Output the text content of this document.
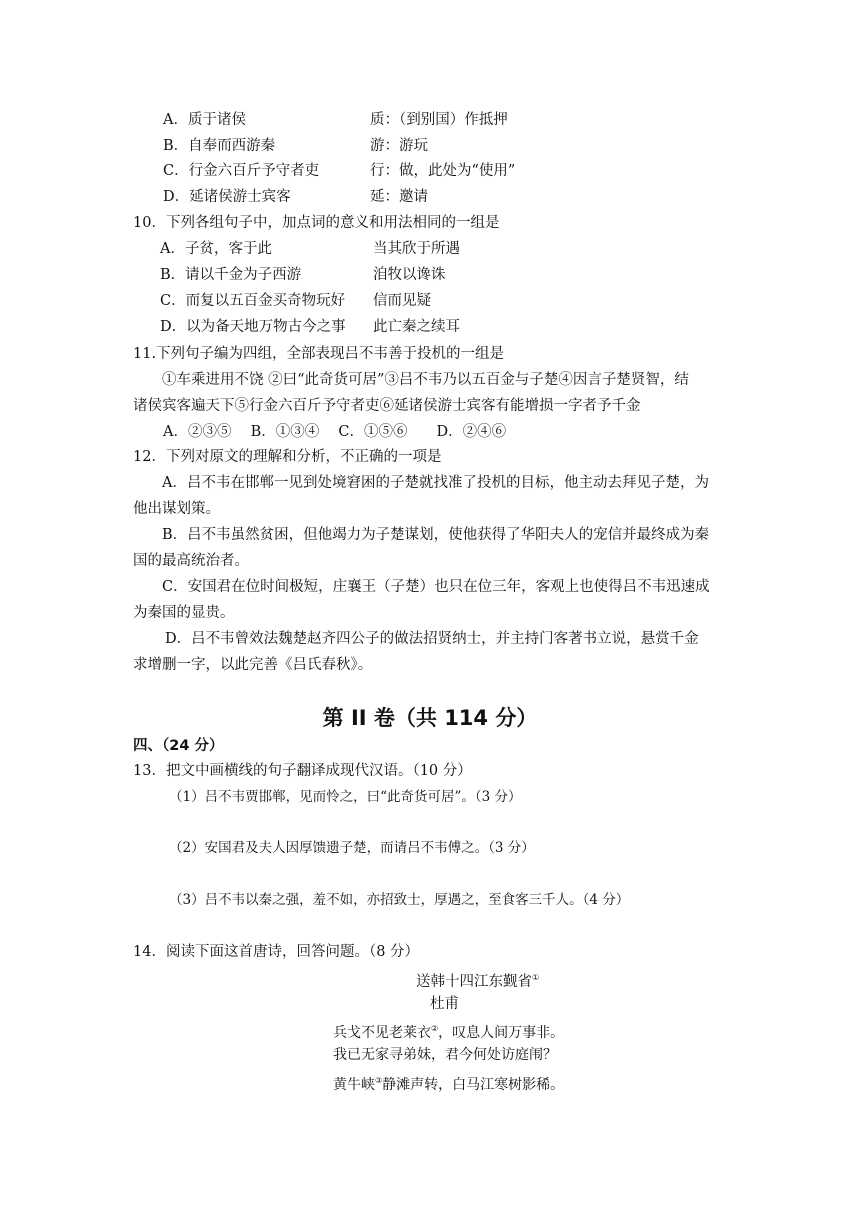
A．质于诸侯	质：（到别国）作抵押
B．自奉而西游秦	游：游玩
C．行金六百斤予守者吏	行：做，此处为“使用”
D．延诸侯游士宾客	延：邀请
10．下列各组句子中，加点词的意义和用法相同的一组是
A．子贫，客于此	当其欣于所遇
B．请以千金为子西游	洎牧以谗诛
C．而复以五百金买奇物玩好 信而见疑
D．以为备天地万物古今之事 此亡秦之续耳
11.下列句子编为四组，全部表现吕不韦善于投机的一组是
①车乘进用不饶 ②曰“此奇货可居”③吕不韦乃以五百金与子楚④因言子楚贤智，结
诸侯宾客遍天下⑤行金六百斤予守者吏⑥延诸侯游士宾客有能增损一字者予千金
A．②③⑤　 B．①③④　 C．①⑤⑥　　D．②④⑥
12．下列对原文的理解和分析，不正确的一项是
A．吕不韦在邯郸一见到处境窘困的子楚就找准了投机的目标，他主动去拜见子楚，为
他出谋划策。
B．吕不韦虽然贫困，但他竭力为子楚谋划，使他获得了华阳夫人的宠信并最终成为秦
国的最高统治者。
C．安国君在位时间极短，庄襄王（子楚）也只在位三年，客观上也使得吕不韦迅速成
为秦国的显贵。
D．吕不韦曾效法魏楚赵齐四公子的做法招贤纳士，并主持门客著书立说，悬赏千金
求增删一字，以此完善《吕氏春秋》。
第 II 卷（共 114 分）
四、（24 分）
13．把文中画横线的句子翻译成现代汉语。（10 分）
（1）吕不韦贾邯郸，见而怜之，曰“此奇货可居”。（3 分）
（2）安国君及夫人因厚馈遗子楚，而请吕不韦傅之。（3 分）
（3）吕不韦以秦之强，羞不如，亦招致士，厚遇之，至食客三千人。（4 分）
14．阅读下面这首唐诗，回答问题。（8 分）
送韩十四江东觐省①
杜甫
兵戈不见老莱衣②，叹息人间万事非。
我已无家寻弟妹，君今何处访庭闱？
黄牛峡③静滩声转，白马江寒树影稀。
